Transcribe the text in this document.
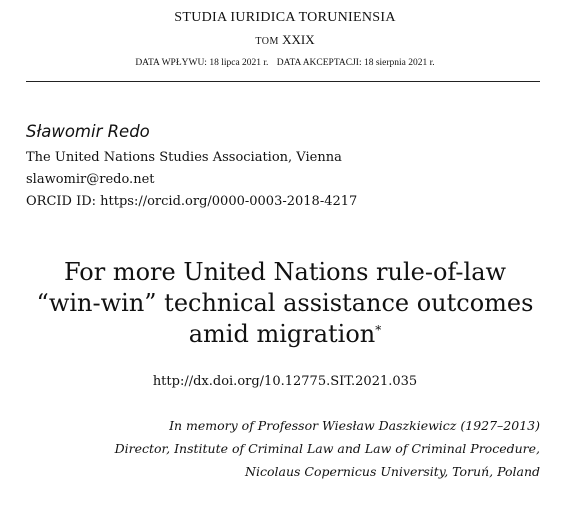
STUDIA IURIDICA TORUNIENSIA
TOM XXIX
DATA WPŁYWU: 18 lipca 2021 r. DATA AKCEPTACJI: 18 sierpnia 2021 r.
Sławomir Redo
The United Nations Studies Association, Vienna
slawomir@redo.net
ORCID ID: https://orcid.org/0000-0003-2018-4217
For more United Nations rule-of-law
“win-win” technical assistance outcomes
amid migration*
http://dx.doi.org/10.12775.SIT.2021.035
In memory of Professor Wiesław Daszkiewicz (1927–2013)
Director, Institute of Criminal Law and Law of Criminal Procedure,
Nicolaus Copernicus University, Toruń, Poland
